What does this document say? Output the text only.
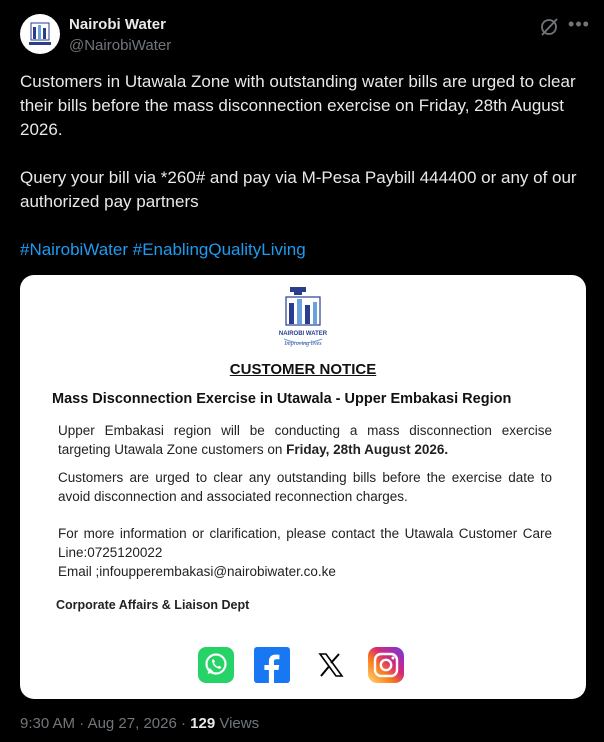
Nairobi Water
@NairobiWater
•••

Customers in Utawala Zone with outstanding water bills are urged to clear their bills before the mass disconnection exercise on Friday, 28th August 2026.

Query your bill via *260# and pay via M-Pesa Paybill 444400 or any of our authorized pay partners

#NairobiWater #EnablingQualityLiving

NAIROBI WATER
Improving lives
CUSTOMER NOTICE
Mass Disconnection Exercise in Utawala - Upper Embakasi Region
Upper Embakasi region will be conducting a mass disconnection exercise targeting Utawala Zone customers on Friday, 28th August 2026.
Customers are urged to clear any outstanding bills before the exercise date to avoid disconnection and associated reconnection charges.
For more information or clarification, please contact the Utawala Customer Care Line:0725120022
Email ;infoupperembakasi@nairobiwater.co.ke
Corporate Affairs & Liaison Dept
9:30 AM · Aug 27, 2026 · 129 Views
